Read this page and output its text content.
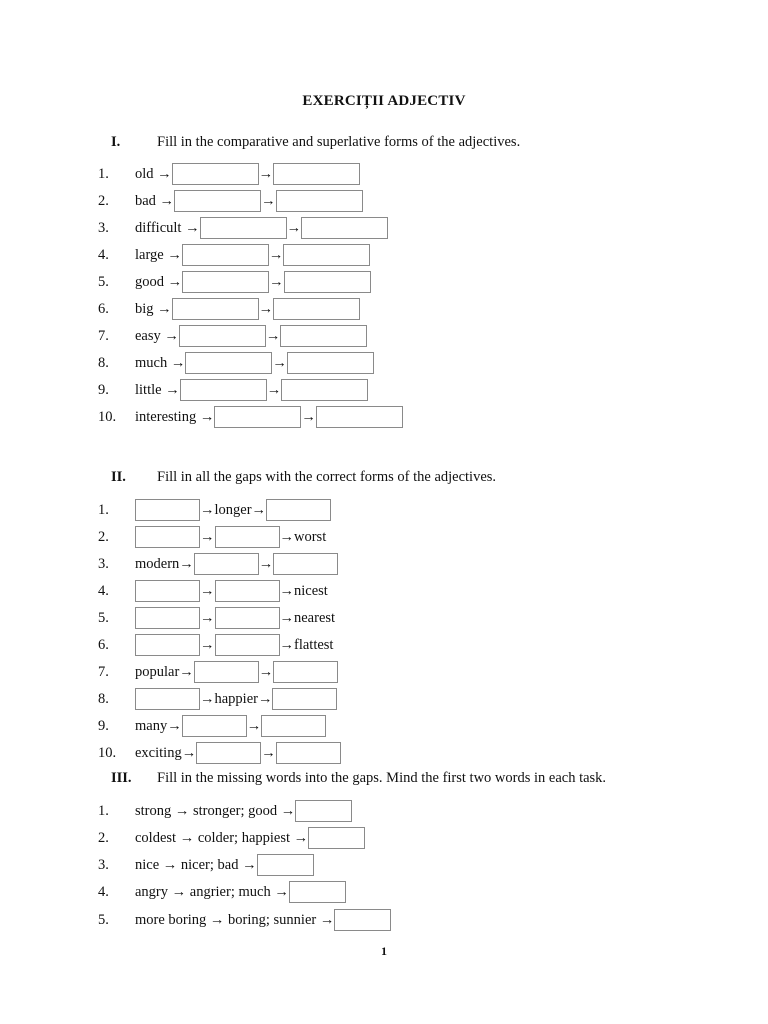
EXERCIȚII ADJECTIV
I.	Fill in the comparative and superlative forms of the adjectives.
1. old →	→
2. bad →	→
3. difficult →	→
4. large →	→
5. good →	→
6. big →	→
7. easy →	→
8. much →	→
9. little →	→
10. interesting →	→
II. Fill in all the gaps with the correct forms of the adjectives.
1.	→ longer →
2.	→	→ worst
3. modern →	→
4.	→	→ nicest
5.	→	→ nearest
6.	→	→ flattest
7. popular →	→
8.	→ happier →
9. many →	→
10. exciting →	→
III. Fill in the missing words into the gaps. Mind the first two words in each task.
1. strong → stronger; good →
2. coldest → colder; happiest →
3. nice → nicer; bad →
4. angry → angrier; much →
5. more boring → boring; sunnier →
1
